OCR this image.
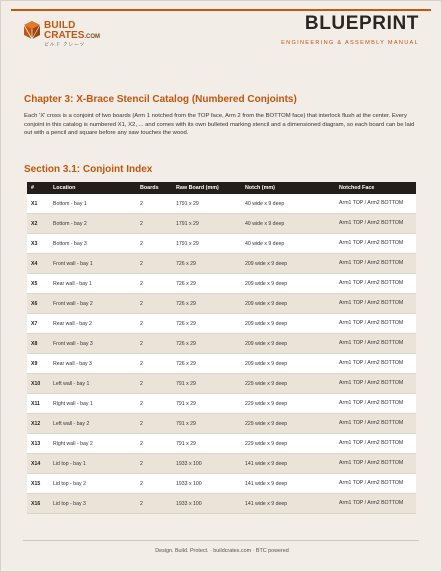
BUILD
CRATES.COM
ビルド クレーツ
BLUEPRINT
ENGINEERING & ASSEMBLY MANUAL
Chapter 3: X-Brace Stencil Catalog (Numbered Conjoints)
Each 'X' cross is a conjoint of two boards (Arm 1 notched from the TOP face, Arm 2 from the BOTTOM face) that interlock flush at the center. Every conjoint in this catalog is numbered X1, X2, ... and comes with its own bulleted marking stencil and a dimensioned diagram, so each board can be laid out with a pencil and square before any saw touches the wood.
Section 3.1: Conjoint Index
#	Location	Boards	Raw Board (mm)	Notch (mm)	Notched Face
X1	Bottom - bay 1	2	1791 x 29	40 wide x 9 deep	Arm1 TOP / Arm2 BOTTOM
X2	Bottom - bay 2	2	1791 x 29	40 wide x 9 deep	Arm1 TOP / Arm2 BOTTOM
X3	Bottom - bay 3	2	1791 x 29	40 wide x 9 deep	Arm1 TOP / Arm2 BOTTOM
X4	Front wall - bay 1	2	726 x 29	209 wide x 9 deep	Arm1 TOP / Arm2 BOTTOM
X5	Rear wall - bay 1	2	726 x 29	209 wide x 9 deep	Arm1 TOP / Arm2 BOTTOM
X6	Front wall - bay 2	2	726 x 29	209 wide x 9 deep	Arm1 TOP / Arm2 BOTTOM
X7	Rear wall - bay 2	2	726 x 29	209 wide x 9 deep	Arm1 TOP / Arm2 BOTTOM
X8	Front wall - bay 3	2	726 x 29	209 wide x 9 deep	Arm1 TOP / Arm2 BOTTOM
X9	Rear wall - bay 3	2	726 x 29	209 wide x 9 deep	Arm1 TOP / Arm2 BOTTOM
X10	Left wall - bay 1	2	791 x 29	229 wide x 9 deep	Arm1 TOP / Arm2 BOTTOM
X11	Right wall - bay 1	2	791 x 29	229 wide x 9 deep	Arm1 TOP / Arm2 BOTTOM
X12	Left wall - bay 2	2	791 x 29	229 wide x 9 deep	Arm1 TOP / Arm2 BOTTOM
X13	Right wall - bay 2	2	791 x 29	229 wide x 9 deep	Arm1 TOP / Arm2 BOTTOM
X14	Lid top - bay 1	2	1933 x 100	141 wide x 9 deep	Arm1 TOP / Arm2 BOTTOM
X15	Lid top - bay 2	2	1933 x 100	141 wide x 9 deep	Arm1 TOP / Arm2 BOTTOM
X16	Lid top - bay 3	2	1933 x 100	141 wide x 9 deep	Arm1 TOP / Arm2 BOTTOM
Design. Build. Protect. · buildcrates.com · BTC powered
